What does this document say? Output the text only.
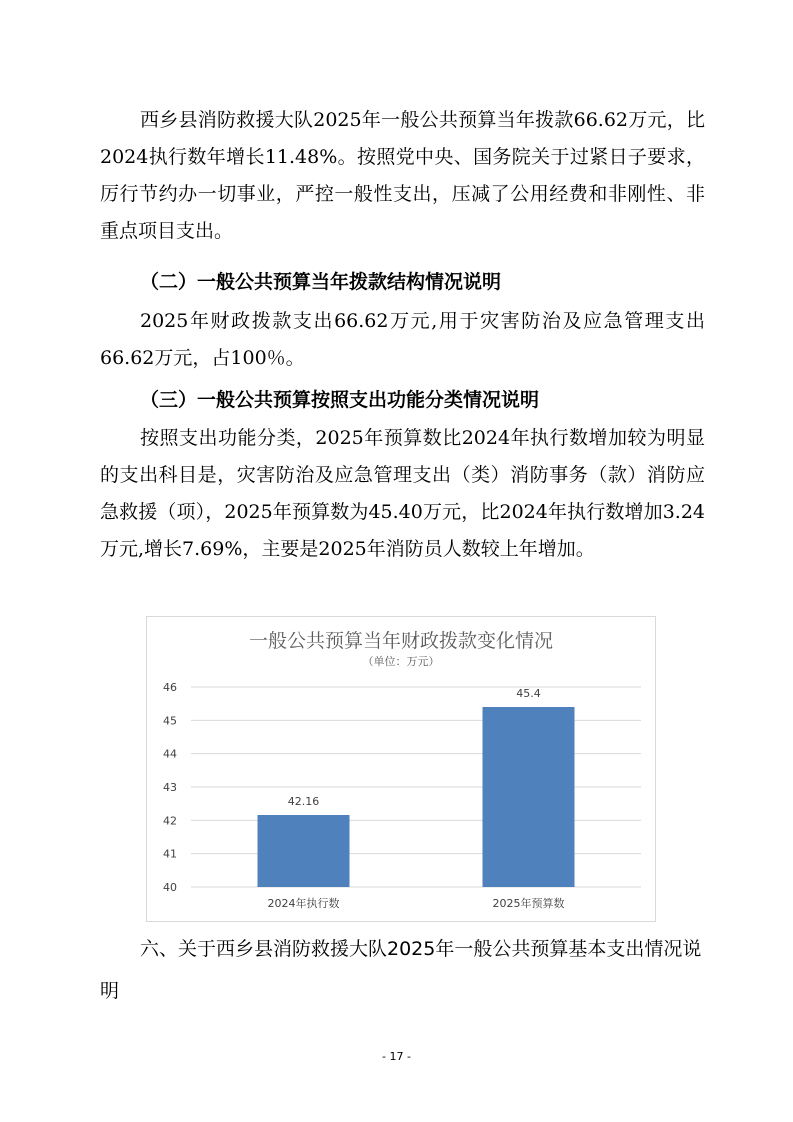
西乡县消防救援大队2025年一般公共预算当年拨款66.62万元，比2024执行数年增长11.48%。按照党中央、国务院关于过紧日子要求，厉行节约办一切事业，严控一般性支出，压减了公用经费和非刚性、非重点项目支出。

（二）一般公共预算当年拨款结构情况说明

2025年财政拨款支出66.62万元,用于灾害防治及应急管理支出66.62万元，占100％。

（三）一般公共预算按照支出功能分类情况说明

按照支出功能分类，2025年预算数比2024年执行数增加较为明显的支出科目是，灾害防治及应急管理支出（类）消防事务（款）消防应急救援（项），2025年预算数为45.40万元，比2024年执行数增加3.24万元,增长7.69%，主要是2025年消防员人数较上年增加。

一般公共预算当年财政拨款变化情况
（单位：万元）
40
41
42
43
44
45
46
42.16
2024年执行数
45.4
2025年预算数

六、关于西乡县消防救援大队2025年一般公共预算基本支出情况说明

- 17 -
